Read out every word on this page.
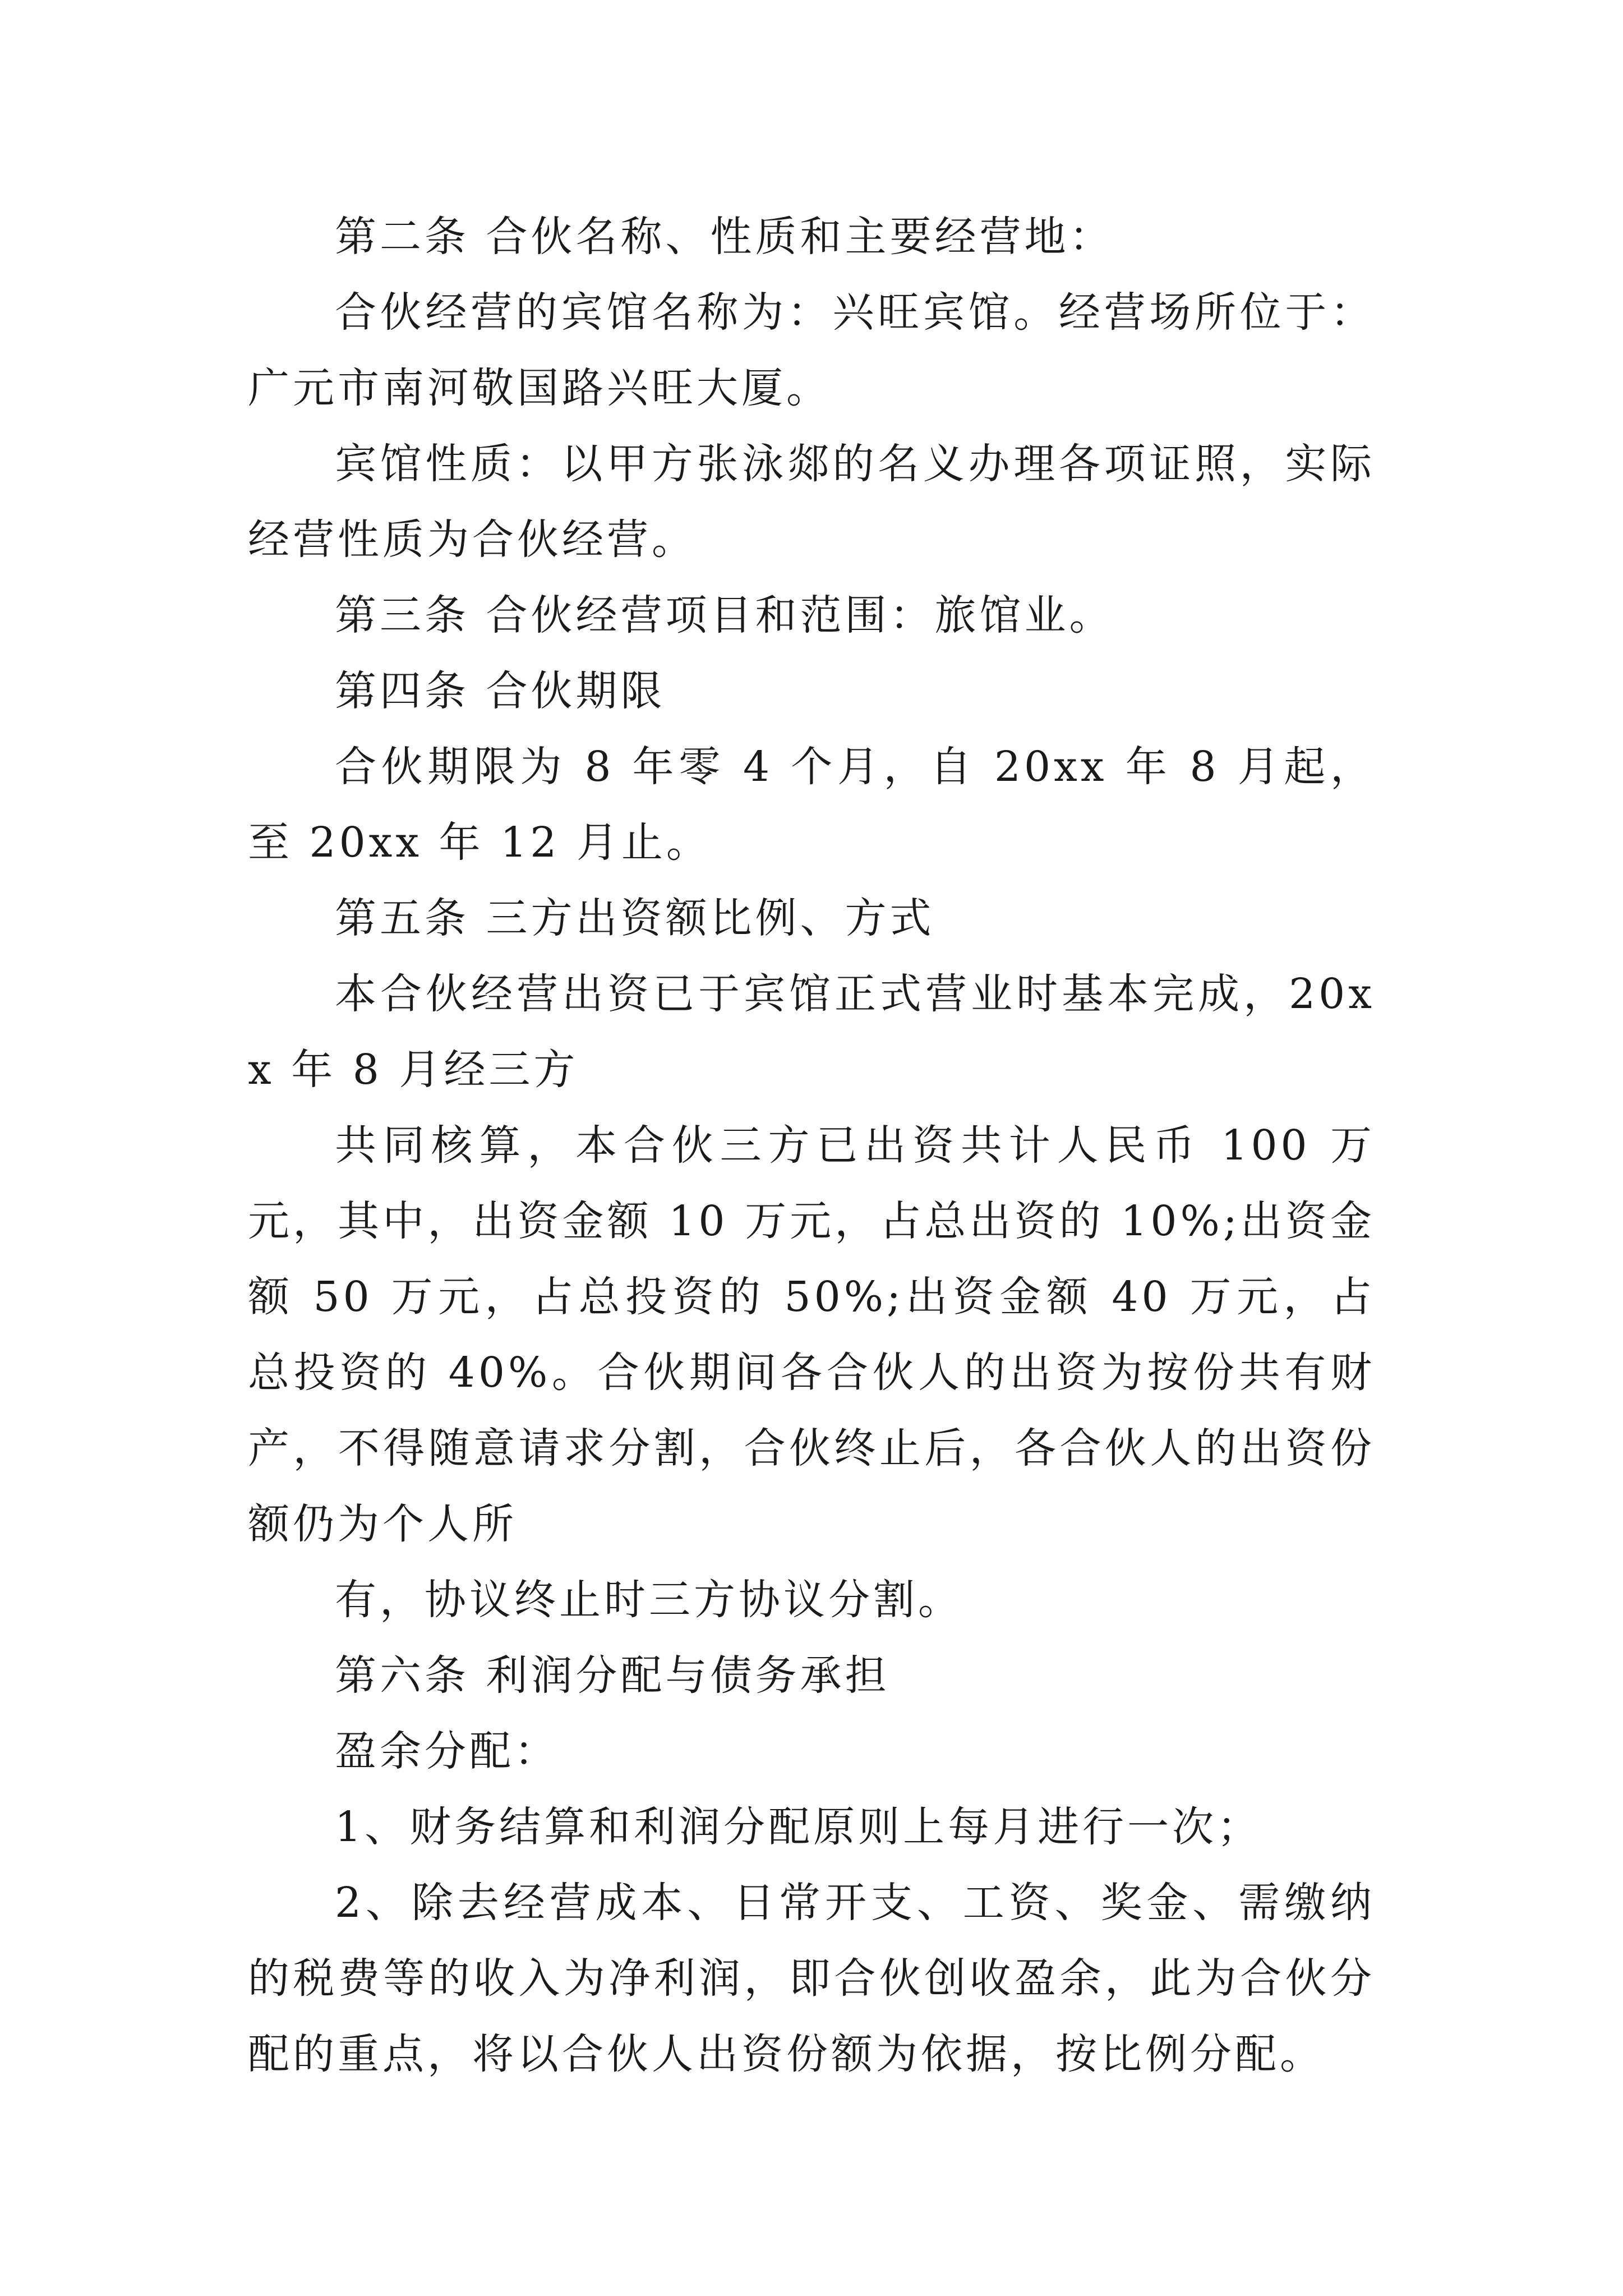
第二条 合伙名称、性质和主要经营地：

合伙经营的宾馆名称为：兴旺宾馆。经营场所位于：广元市南河敬国路兴旺大厦。

宾馆性质：以甲方张泳郯的名义办理各项证照，实际经营性质为合伙经营。

第三条 合伙经营项目和范围：旅馆业。

第四条 合伙期限

合伙期限为 8 年零 4 个月，自 20xx 年 8 月起，至 20xx 年 12 月止。

第五条 三方出资额比例、方式

本合伙经营出资已于宾馆正式营业时基本完成，20xx 年 8 月经三方

共同核算，本合伙三方已出资共计人民币 100 万元，其中，出资金额 10 万元，占总出资的 10%;出资金额 50 万元，占总投资的 50%;出资金额 40 万元，占总投资的 40%。合伙期间各合伙人的出资为按份共有财产，不得随意请求分割，合伙终止后，各合伙人的出资份额仍为个人所

有，协议终止时三方协议分割。

第六条 利润分配与债务承担

盈余分配：

1、财务结算和利润分配原则上每月进行一次；

2、除去经营成本、日常开支、工资、奖金、需缴纳的税费等的收入为净利润，即合伙创收盈余，此为合伙分配的重点，将以合伙人出资份额为依据，按比例分配。
